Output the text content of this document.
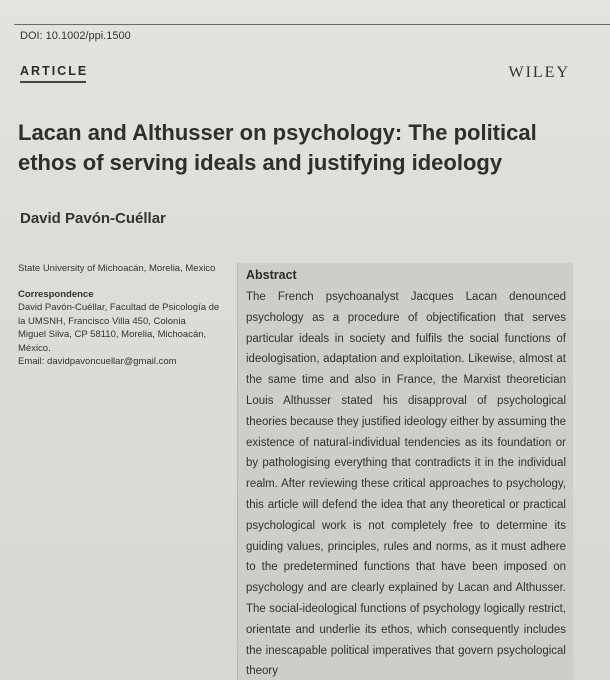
DOI: 10.1002/ppi.1500
ARTICLE	WILEY
Lacan and Althusser on psychology: The political ethos of serving ideals and justifying ideology
David Pavón-Cuéllar
State University of Michoacán, Morelia, Mexico
Correspondence
David Pavón-Cuéllar, Facultad de Psicología de
la UMSNH, Francisco Villa 450, Colonia
Miguel Silva, CP 58110, Morelia, Michoacán,
México.
Email: davidpavoncuellar@gmail.com
Abstract

The French psychoanalyst Jacques Lacan denounced psychology as a procedure of objectification that serves particular ideals in society and fulfils the social functions of ideologisation, adaptation and exploitation. Likewise, almost at the same time and also in France, the Marxist theoretician Louis Althusser stated his disapproval of psychological theories because they justified ideology either by assuming the existence of natural-individual tendencies as its foundation or by pathologising everything that contradicts it in the individual realm. After reviewing these critical approaches to psychology, this article will defend the idea that any theoretical or practical psychological work is not completely free to determine its guiding values, principles, rules and norms, as it must adhere to the predetermined functions that have been imposed on psychology and are clearly explained by Lacan and Althusser. The social-ideological functions of psychology logically restrict, orientate and underlie its ethos, which consequently includes the inescapable political imperatives that govern psychological theory
